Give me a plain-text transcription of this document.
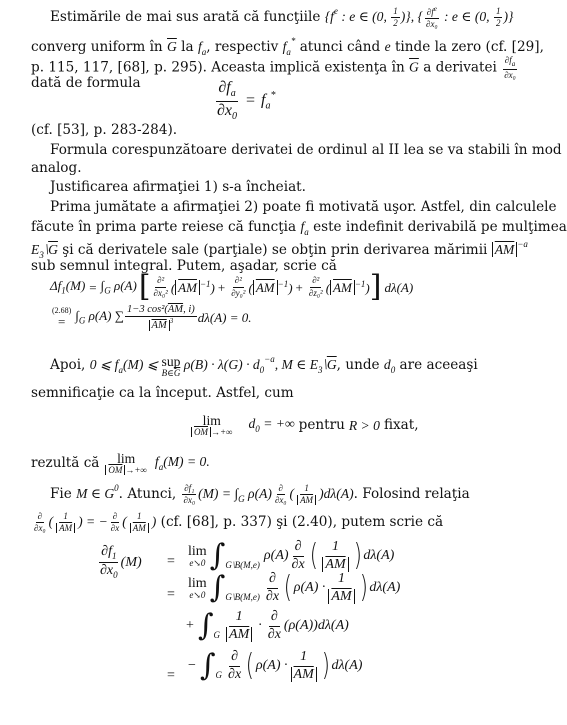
Estimările de mai sus arată că funcţiile {$f^e$ : e ∈ (0, $\frac{1}{2}$ )}, { $\frac{\partial f^e}{\text{∂x₀}}$ : e ∈ (0, $\frac{1}{2}$ )}
converg uniform în $\overline{G}$ la $f_a$, respectiv $f_a^*$ atunci când e tinde la zero (cf. [29],
p. 115, 117, [68], p. 295). Aceasta implică existenţa în $\overline{G}$ a derivatei $\frac{\partial f_a}{\text{∂x₀}}$
dată de formula	$\frac{\partial f_a}{\partial x_0} = f_a^*$
(cf. [53], p. 283-284).
Formula corespunzătoare derivatei de ordinul al II lea se va stabili în mod
analog.
Justificarea afirmaţiei 1) s-a încheiat.
Prima jumătate a afirmaţiei 2) poate fi motivată uşor. Astfel, din calculele
făcute în prima parte reiese că funcţia $f_a$ este indefinit derivabilă pe mulţimea
$E_3⧵\overline{G}$ şi că derivatele sale (parţiale) se obţin prin derivarea mărimii $\overline{AM}$ $^{-a}$
sub semnul integral. Putem, aşadar, scrie că
$\Delta f_1(M) = \int_G$ ρ(A) [ $\frac{\text{∂²}}{\text{∂x₀²}}$ ( $\overline{AM}$ $^{-1}) + \frac{\text{∂²}}{\text{∂y₀²}}$ ( $\overline{AM}$ $^{-1}) + \frac{\text{∂²}}{\text{∂z₀²}}$ ( $\overline{AM}$ $^{-1}$) ] dλ(A)
(2.68)
= $\int_G$ ρ(A) ∑ $\frac{1-3 \cos^2(\overline{AM}, i)}{\overline{AM} ^3} d\lambda(A) = 0$.
Apoi, 0 ⩽ $f_a(M)$ ⩽ sup
$B\in\overline{G}$
$\rho(B) \cdot \lambda(G) \cdot d_0^{-a}$, M ∈ $E_3⧵\overline{G}$, unde $d_0$ are aceeaşi
semnificaţie ca la început. Astfel, cum
lim
$\overline{OM}$ →+∞
$d_0$ = +∞ pentru R > 0 fixat,
rezultă că lim
$\overline{OM}$ →+∞
$f_a(M) = 0$.
Fie M ∈ $G^0$. Atunci, $\frac{\text{∂f₁}}{\text{∂x₀}} (M) = \int_G$ $\rho(A) \frac{\partial}{\text{∂x₀}}$ ( $\frac{1}{AM} )d\lambda(A)$. Folosind relaţia
$\frac{\partial}{\text{∂x₀}}$ ( $\frac{1}{AM}$ ) = − $\frac{\partial}{\partial x}$ ( $\frac{1}{AM}$ ) (cf. [68], p. 337) şi (2.40), putem scrie că
$\frac{\partial f_1}{\partial x_0} (M)$ =
lim
e↘0 ∫ G⧵B(M,e)
$\rho(A) \frac{\partial}{\partial x}$ ( $\frac{1}{AM}$ ) dλ(A)
=
lim
e↘0 ∫ G⧵B(M,e) $\frac{\partial}{\partial x}$ ( $\rho(A) \cdot \frac{1}{AM}$ ) dλ(A)
+ ∫ G $\frac{1}{AM} \cdot \frac{\partial}{\partial x} (\rho(A))d\lambda(A)$
=
− ∫ G $\frac{\partial}{\partial x}$ ( $\rho(A) \cdot \frac{1}{AM}$ ) dλ(A)
